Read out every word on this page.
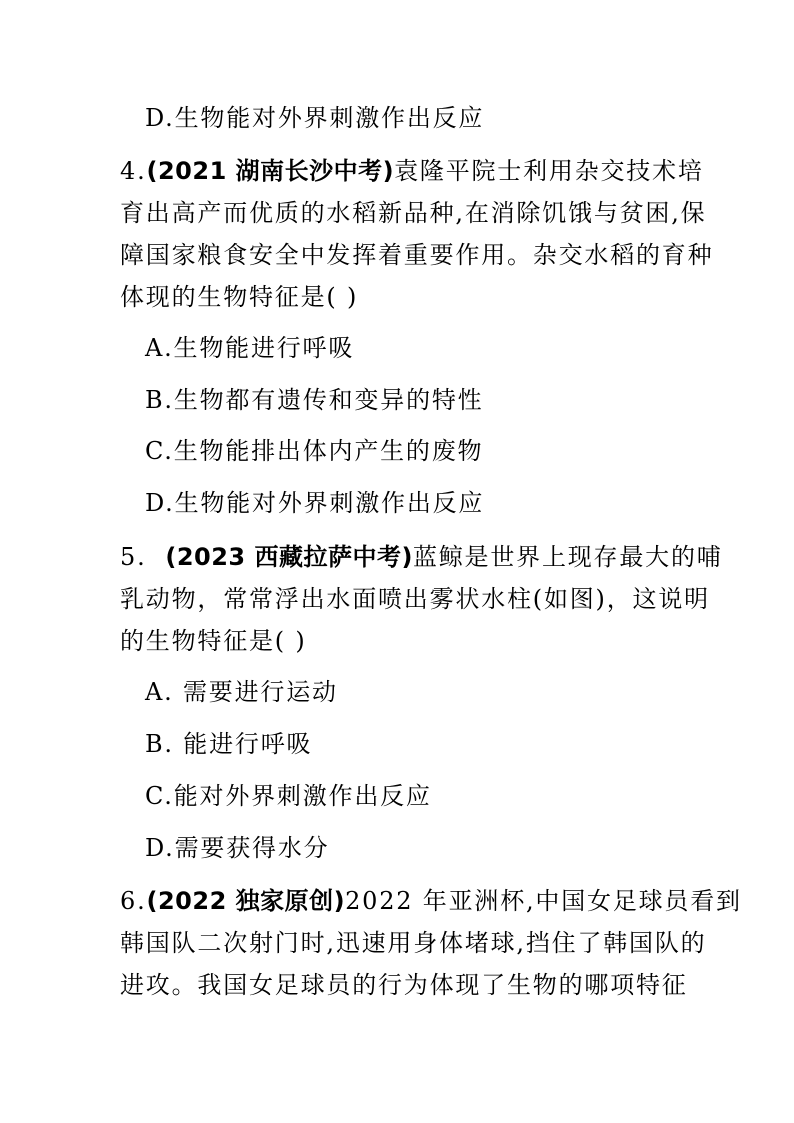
D.生物能对外界刺激作出反应
4.(2021 湖南长沙中考)袁隆平院士利用杂交技术培
育出高产而优质的水稻新品种,在消除饥饿与贫困,保
障国家粮食安全中发挥着重要作用。杂交水稻的育种
体现的生物特征是( )
A.生物能进行呼吸
B.生物都有遗传和变异的特性
C.生物能排出体内产生的废物
D.生物能对外界刺激作出反应
5.  (2023 西藏拉萨中考)蓝鲸是世界上现存最大的哺
乳动物，常常浮出水面喷出雾状水柱(如图)，这说明
的生物特征是( )
A. 需要进行运动
B. 能进行呼吸
C.能对外界刺激作出反应
D.需要获得水分
6.(2022 独家原创)2022 年亚洲杯,中国女足球员看到
韩国队二次射门时,迅速用身体堵球,挡住了韩国队的
进攻。我国女足球员的行为体现了生物的哪项特征
